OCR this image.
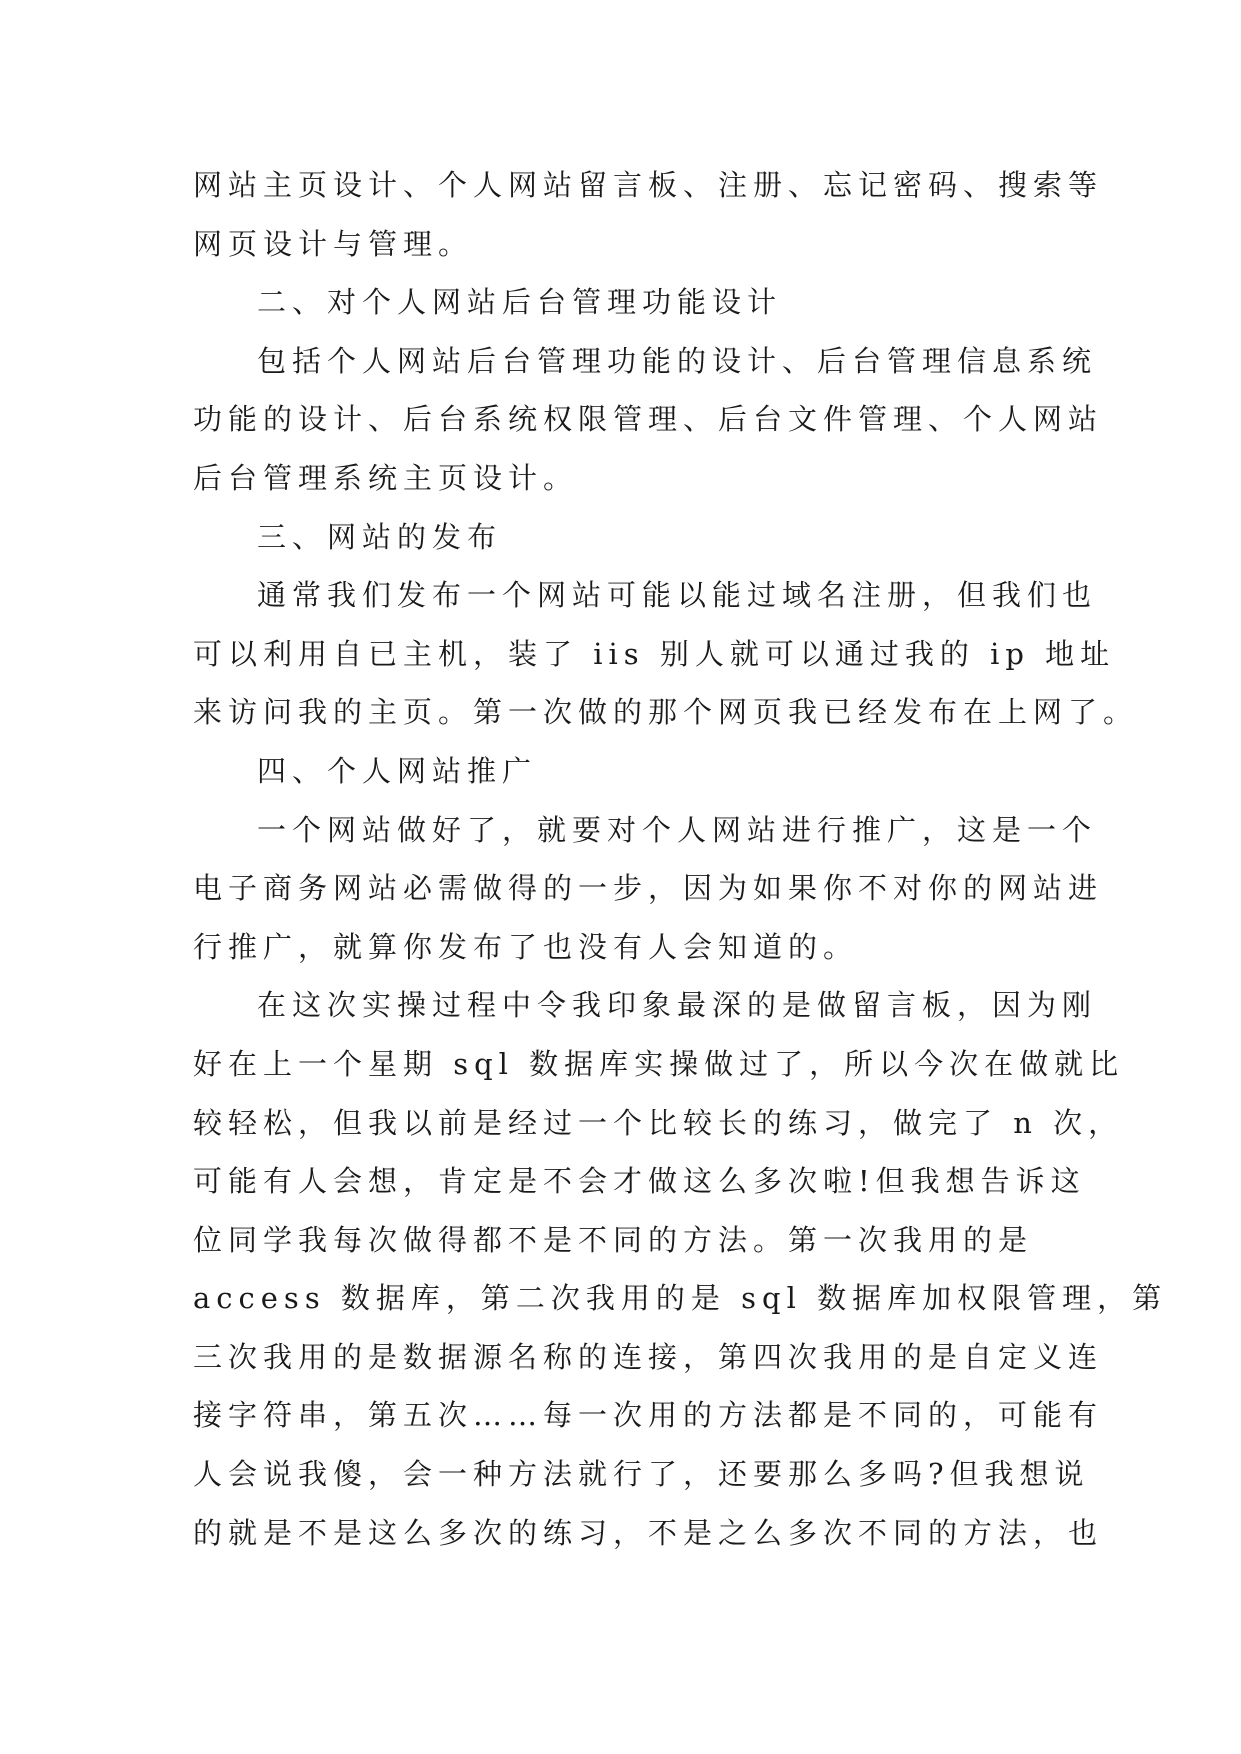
网站主页设计、个人网站留言板、注册、忘记密码、搜索等
网页设计与管理。
二、对个人网站后台管理功能设计
包括个人网站后台管理功能的设计、后台管理信息系统
功能的设计、后台系统权限管理、后台文件管理、个人网站
后台管理系统主页设计。
三、网站的发布
通常我们发布一个网站可能以能过域名注册，但我们也
可以利用自已主机，装了 iis 别人就可以通过我的 ip 地址
来访问我的主页。第一次做的那个网页我已经发布在上网了。
四、个人网站推广
一个网站做好了，就要对个人网站进行推广，这是一个
电子商务网站必需做得的一步，因为如果你不对你的网站进
行推广，就算你发布了也没有人会知道的。
在这次实操过程中令我印象最深的是做留言板，因为刚
好在上一个星期 sql 数据库实操做过了，所以今次在做就比
较轻松，但我以前是经过一个比较长的练习，做完了 n 次，
可能有人会想，肯定是不会才做这么多次啦!但我想告诉这
位同学我每次做得都不是不同的方法。第一次我用的是
access 数据库，第二次我用的是 sql 数据库加权限管理，第
三次我用的是数据源名称的连接，第四次我用的是自定义连
接字符串，第五次……每一次用的方法都是不同的，可能有
人会说我傻，会一种方法就行了，还要那么多吗?但我想说
的就是不是这么多次的练习，不是之么多次不同的方法，也
